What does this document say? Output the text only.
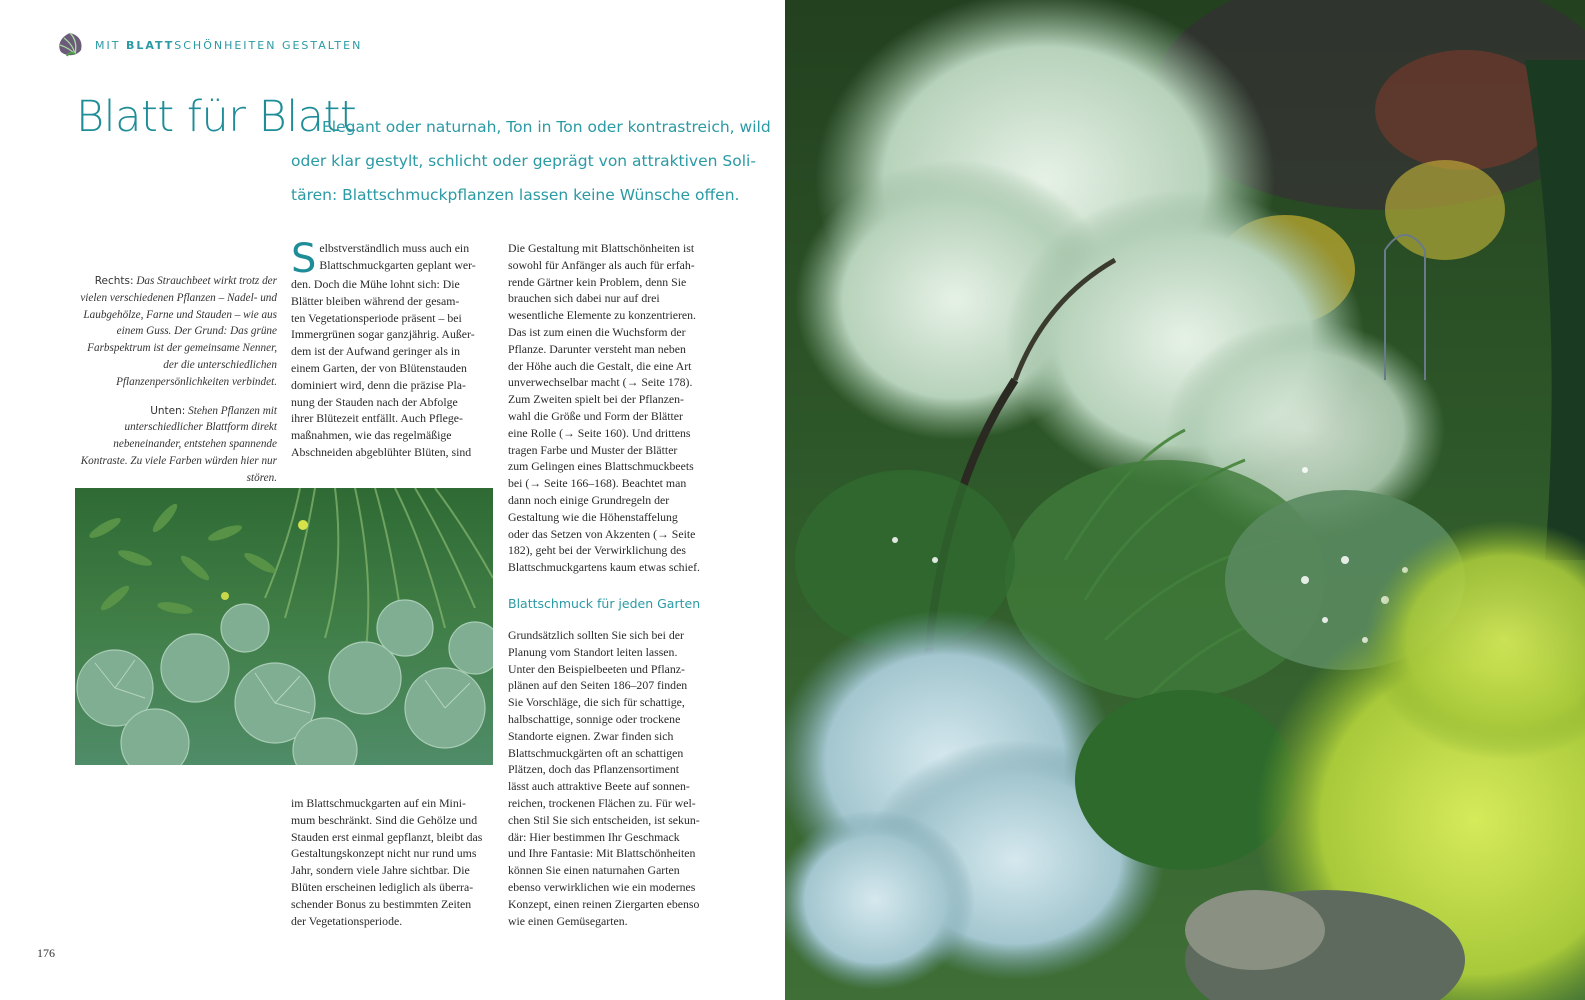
MIT BLATTSCHÖNHEITEN GESTALTEN
Blatt für Blatt
Elegant oder naturnah, Ton in Ton oder kontrastreich, wild
oder klar gestylt, schlicht oder geprägt von attraktiven Soli-
tären: Blattschmuckpflanzen lassen keine Wünsche offen.

Rechts: Das Strauchbeet wirkt trotz der vielen verschiedenen Pflanzen – Nadel- und Laubgehölze, Farne und Stauden – wie aus einem Guss. Der Grund: Das grüne Farbspektrum ist der gemeinsame Nenner, der die unterschiedlichen Pflanzenpersönlichkeiten verbindet.

Unten: Stehen Pflanzen mit unterschiedlicher Blattform direkt nebeneinander, entstehen spannende Kontraste. Zu viele Farben würden hier nur stören.

S elbstverständlich muss auch ein
Blattschmuckgarten geplant wer-
den. Doch die Mühe lohnt sich: Die
Blätter bleiben während der gesam-
ten Vegetationsperiode präsent – bei
Immergrünen sogar ganzjährig. Außer-
dem ist der Aufwand geringer als in
einem Garten, der von Blütenstauden
dominiert wird, denn die präzise Pla-
nung der Stauden nach der Abfolge
ihrer Blütezeit entfällt. Auch Pflege-
maßnahmen, wie das regelmäßige
Abschneiden abgeblühter Blüten, sind
im Blattschmuckgarten auf ein Mini-
mum beschränkt. Sind die Gehölze und
Stauden erst einmal gepflanzt, bleibt das
Gestaltungskonzept nicht nur rund ums
Jahr, sondern viele Jahre sichtbar. Die
Blüten erscheinen lediglich als überra-
schender Bonus zu bestimmten Zeiten
der Vegetationsperiode.
Die Gestaltung mit Blattschönheiten ist
sowohl für Anfänger als auch für erfah-
rende Gärtner kein Problem, denn Sie
brauchen sich dabei nur auf drei
wesentliche Elemente zu konzentrieren.
Das ist zum einen die Wuchsform der
Pflanze. Darunter versteht man neben
der Höhe auch die Gestalt, die eine Art
unverwechselbar macht (→ Seite 178).
Zum Zweiten spielt bei der Pflanzen-
wahl die Größe und Form der Blätter
eine Rolle (→ Seite 160). Und drittens
tragen Farbe und Muster der Blätter
zum Gelingen eines Blattschmuckbeets
bei (→ Seite 166–168). Beachtet man
dann noch einige Grundregeln der
Gestaltung wie die Höhenstaffelung
oder das Setzen von Akzenten (→ Seite
182), geht bei der Verwirklichung des
Blattschmuckgartens kaum etwas schief.
Blattschmuck für jeden Garten
Grundsätzlich sollten Sie sich bei der
Planung vom Standort leiten lassen.
Unter den Beispielbeeten und Pflanz-
plänen auf den Seiten 186–207 finden
Sie Vorschläge, die sich für schattige,
halbschattige, sonnige oder trockene
Standorte eignen. Zwar finden sich
Blattschmuckgärten oft an schattigen
Plätzen, doch das Pflanzensortiment
lässt auch attraktive Beete auf sonnen-
reichen, trockenen Flächen zu. Für wel-
chen Stil Sie sich entscheiden, ist sekun-
där: Hier bestimmen Ihr Geschmack
und Ihre Fantasie: Mit Blattschönheiten
können Sie einen naturnahen Garten
ebenso verwirklichen wie ein modernes
Konzept, einen reinen Ziergarten ebenso
wie einen Gemüsegarten.
176
